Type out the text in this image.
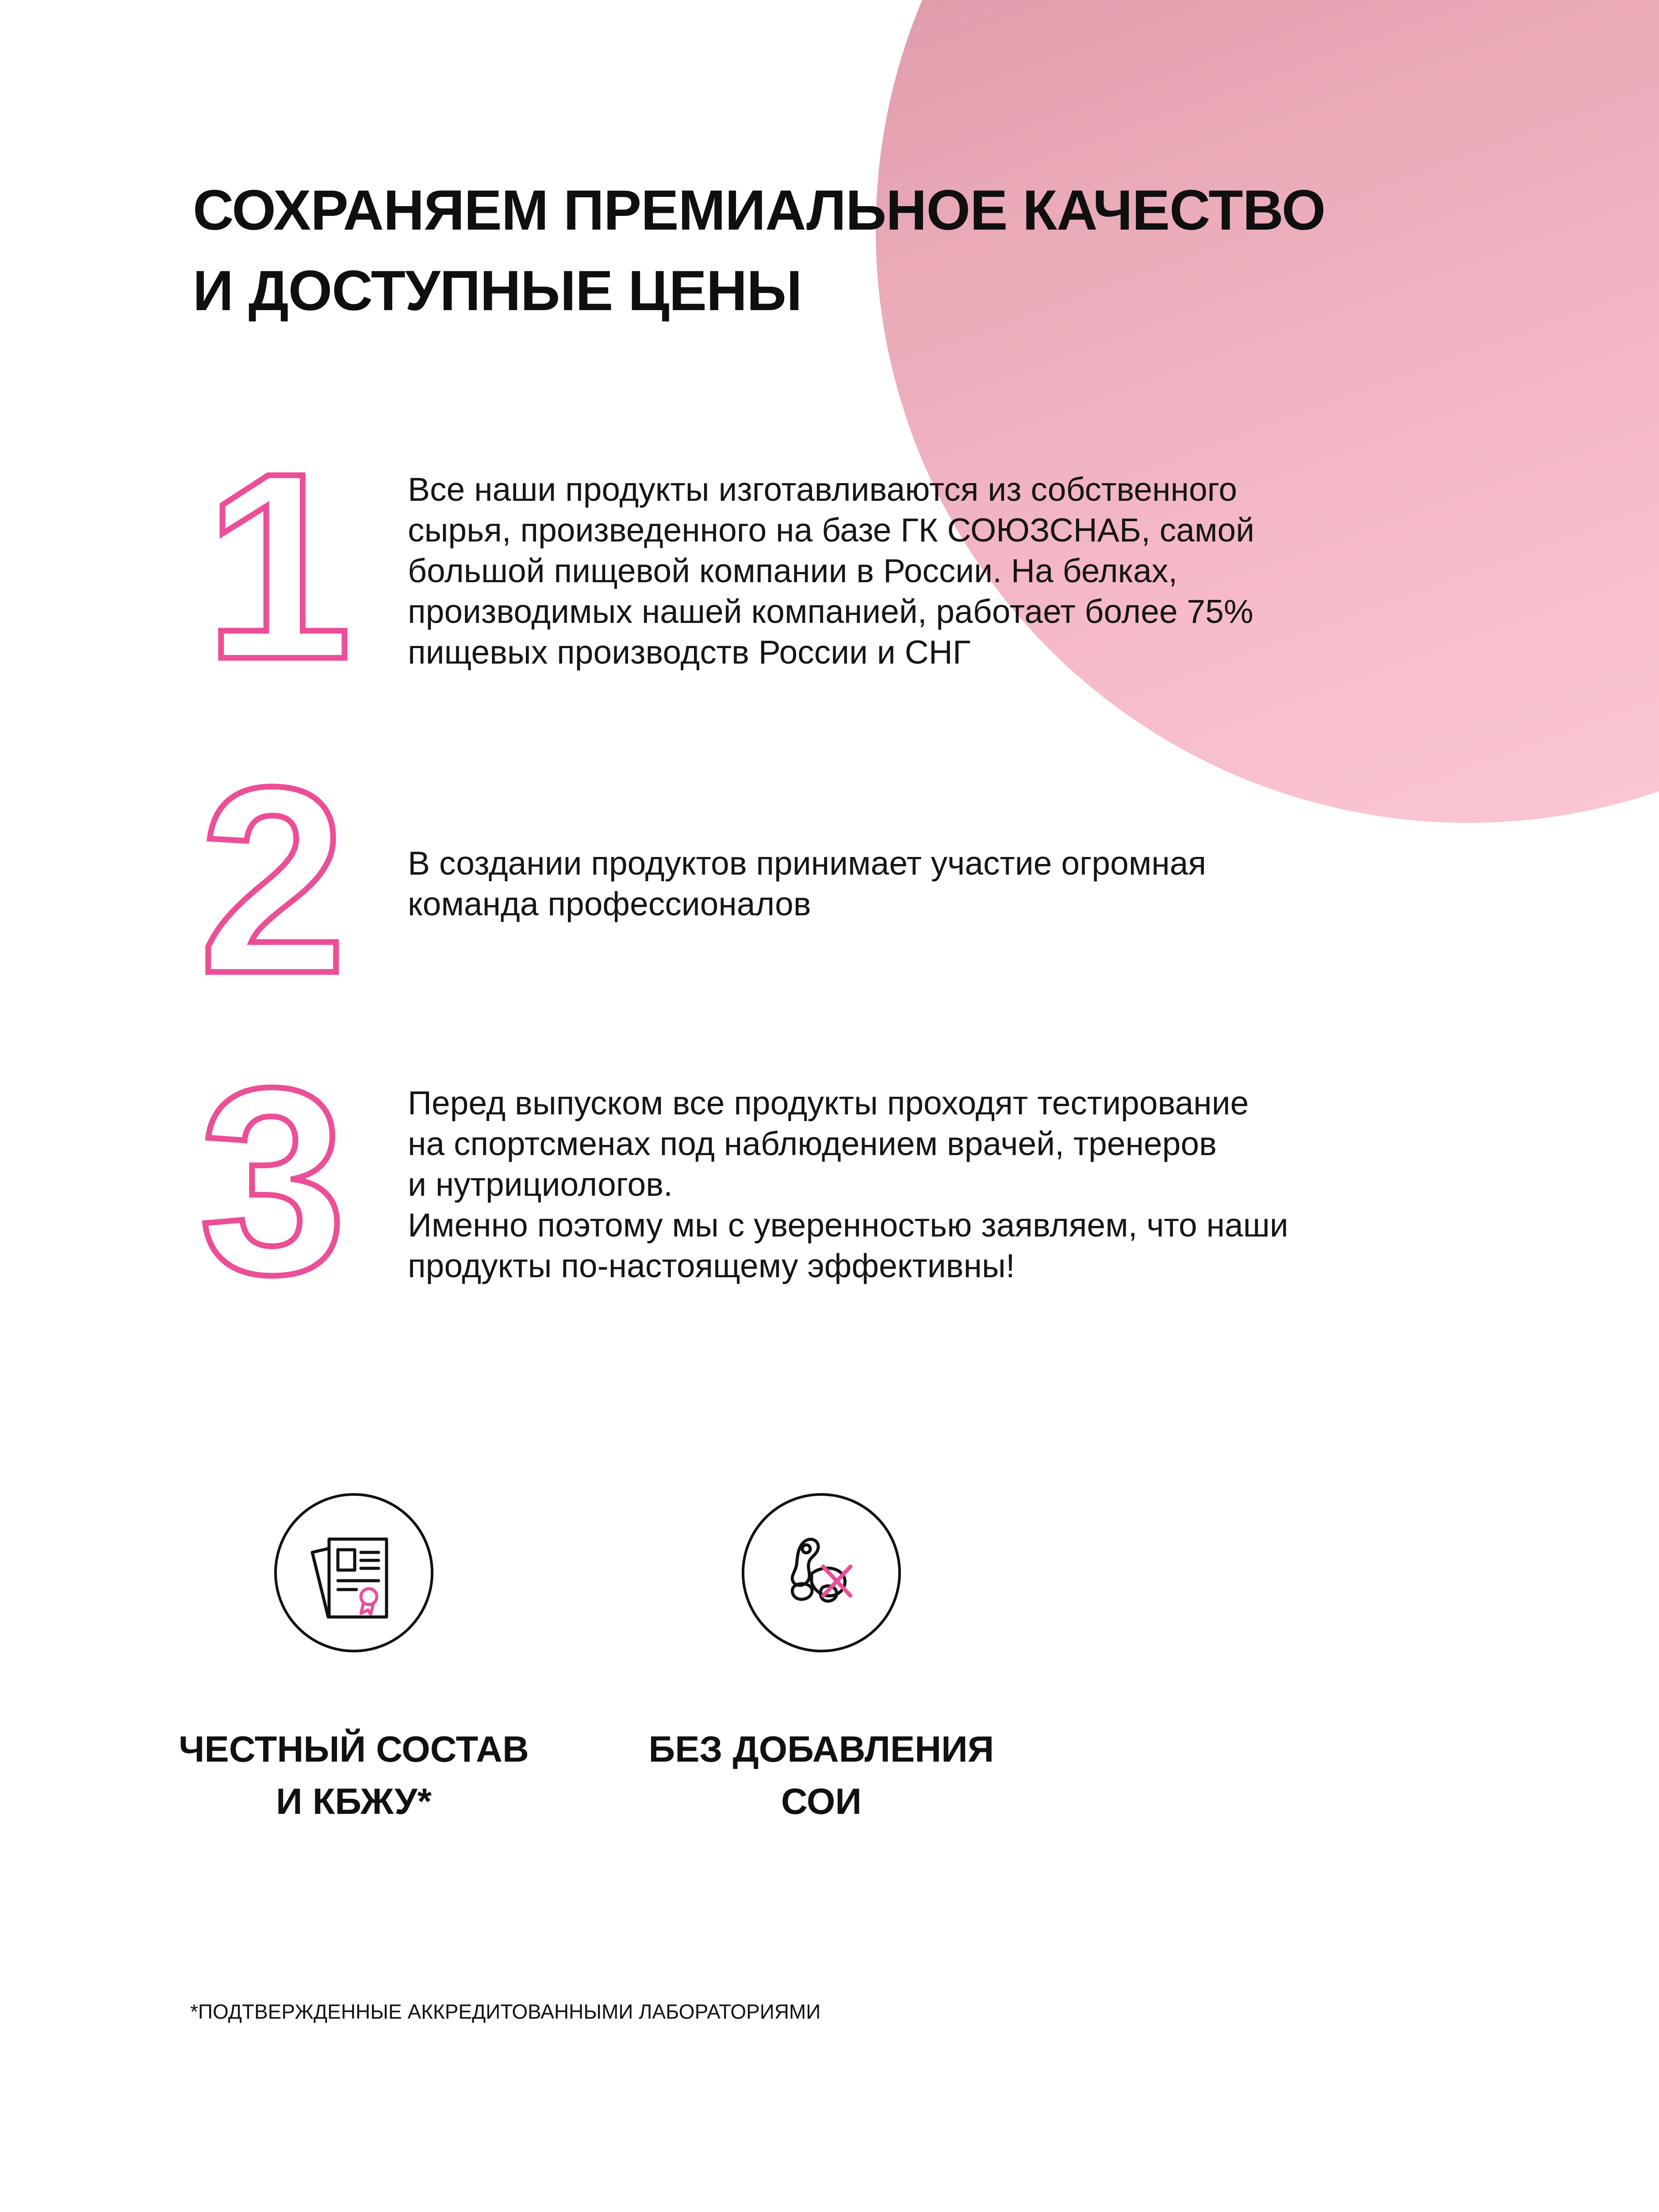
СОХРАНЯЕМ ПРЕМИАЛЬНОЕ КАЧЕСТВО
И ДОСТУПНЫЕ ЦЕНЫ
1 Все наши продукты изготавливаются из собственного
сырья, произведенного на базе ГК СОЮЗСНАБ, самой
большой пищевой компании в России. На белках,
производимых нашей компанией, работает более 75%
пищевых производств России и СНГ
2 В создании продуктов принимает участие огромная
команда профессионалов
3 Перед выпуском все продукты проходят тестирование
на спортсменах под наблюдением врачей, тренеров
и нутрициологов.
Именно поэтому мы с уверенностью заявляем, что наши
продукты по-настоящему эффективны!
ЧЕСТНЫЙ СОСТАВ
И КБЖУ*
БЕЗ ДОБАВЛЕНИЯ
СОИ
*ПОДТВЕРЖДЕННЫЕ АККРЕДИТОВАННЫМИ ЛАБОРАТОРИЯМИ
